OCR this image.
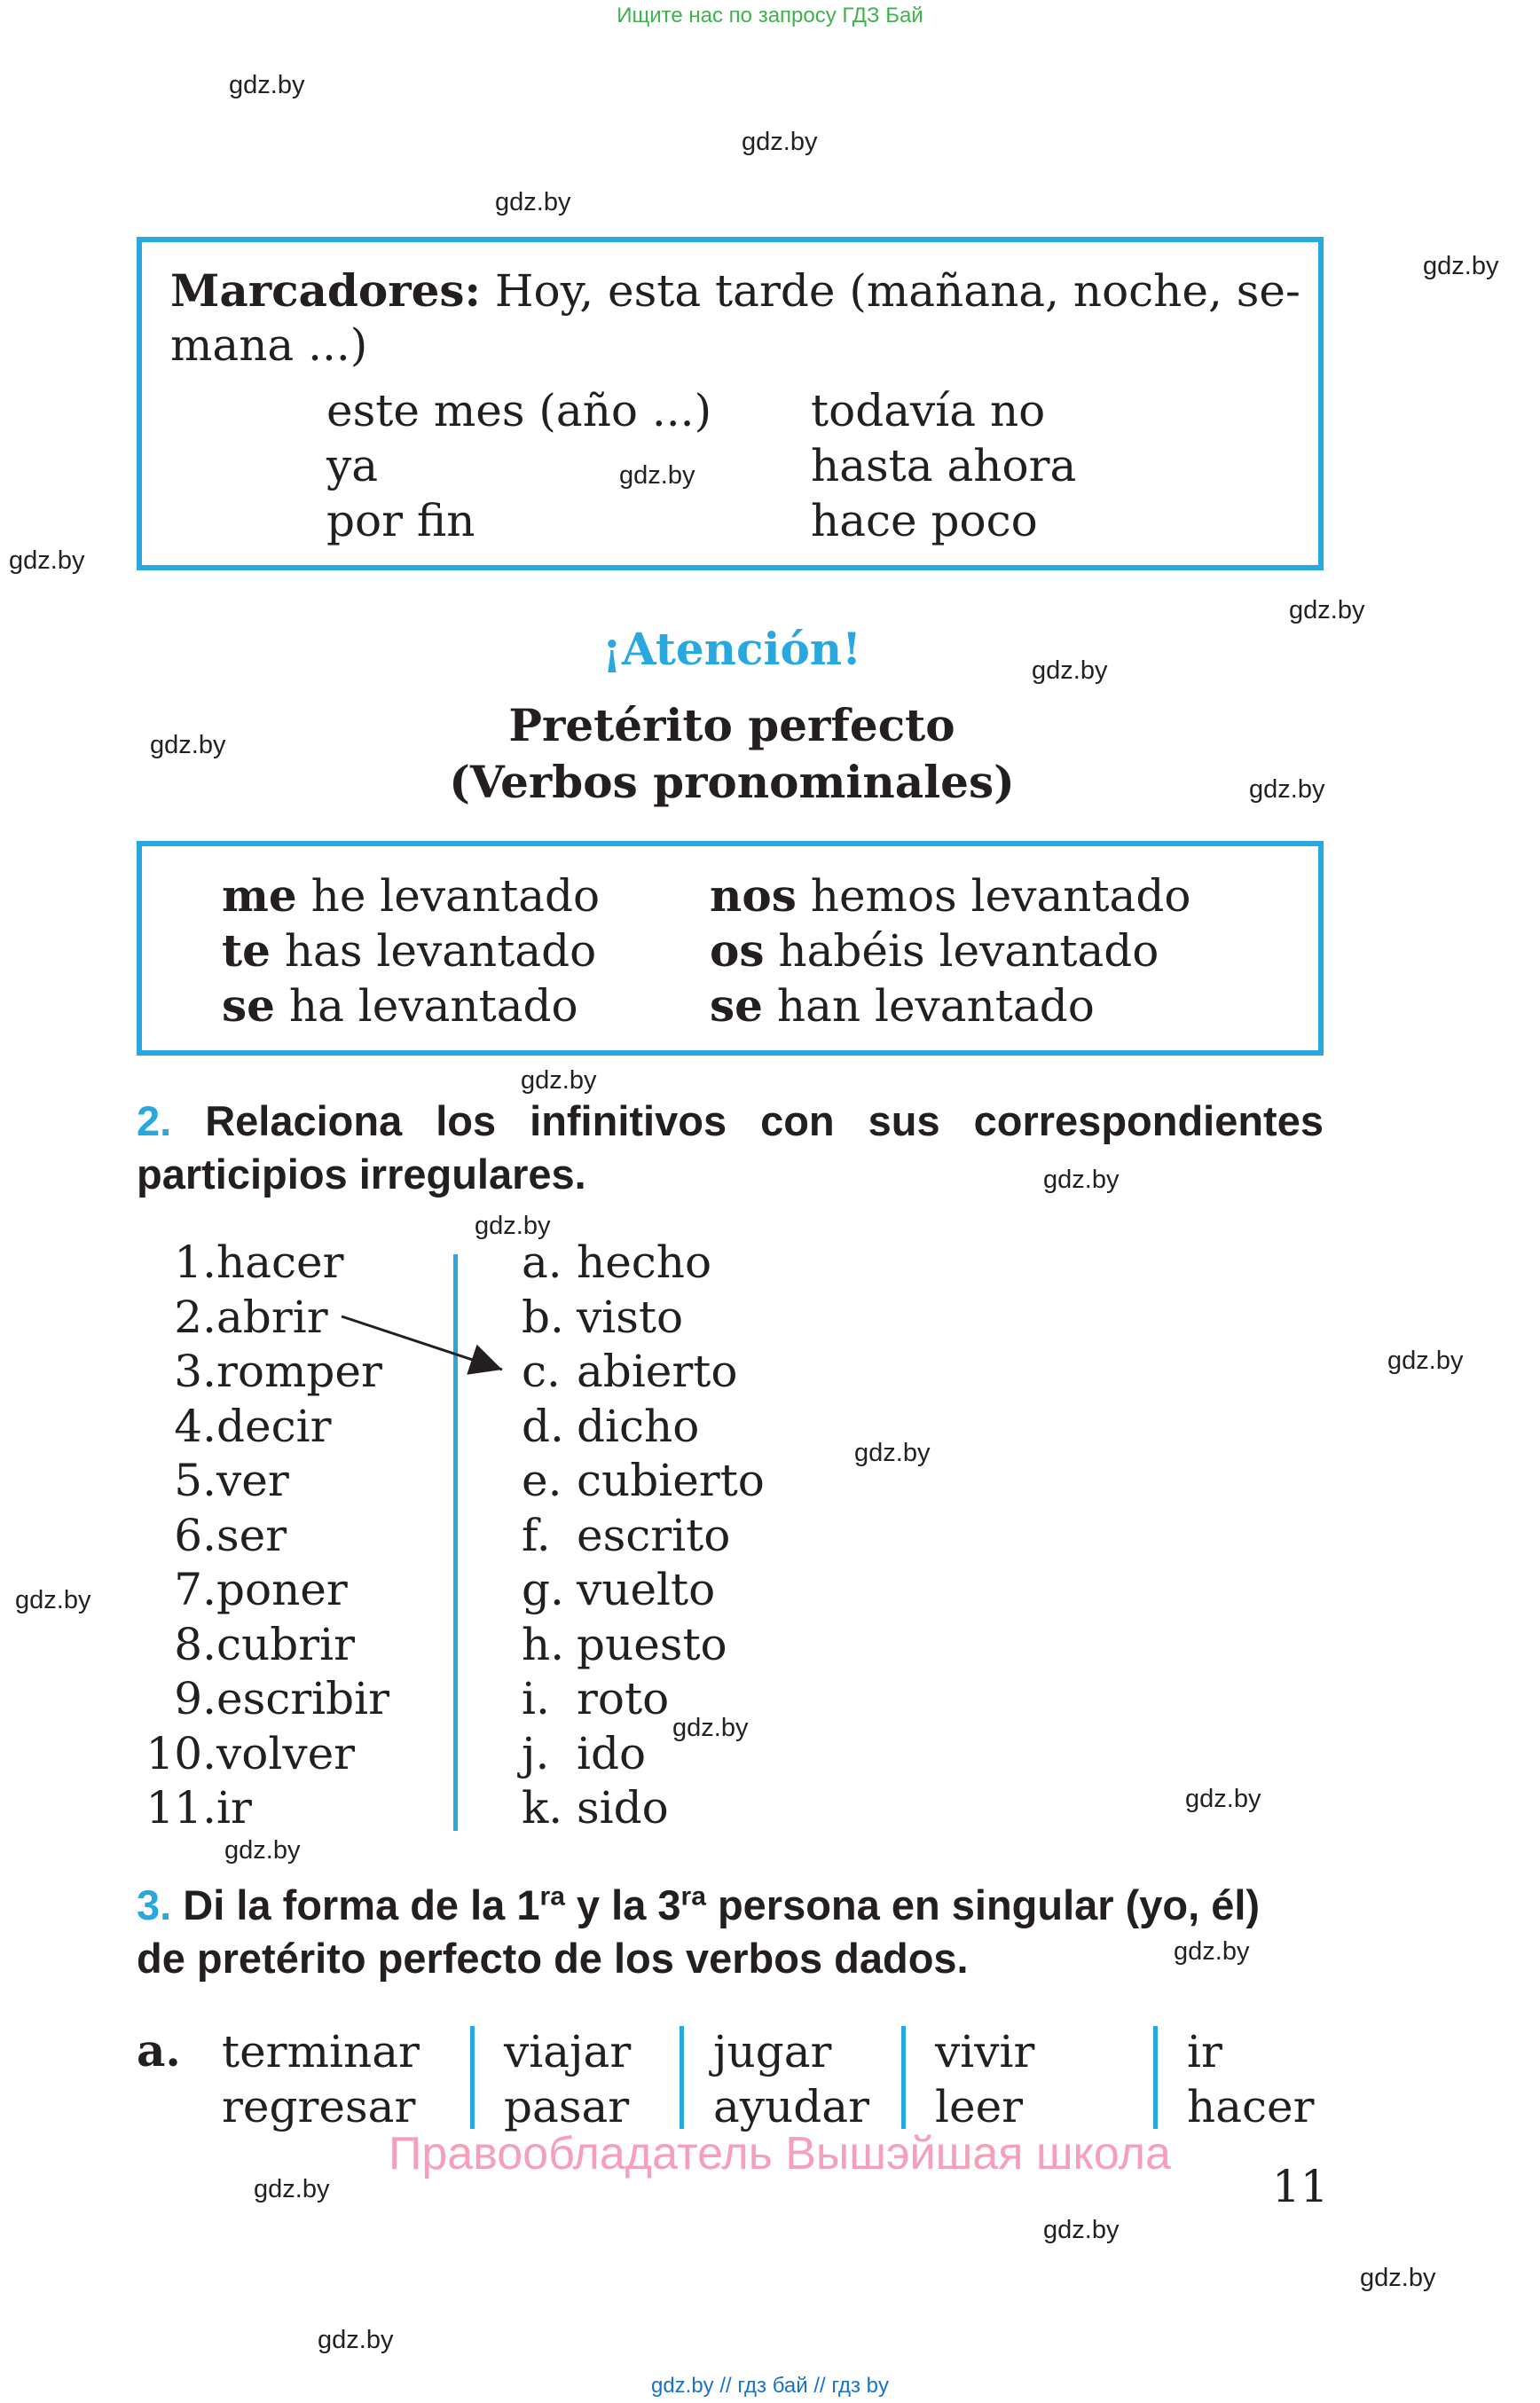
Ищите нас по запросу ГДЗ Бай
gdz.by
gdz.by
gdz.by
gdz.by
gdz.by
gdz.by
gdz.by
gdz.by
gdz.by
gdz.by
gdz.by
gdz.by
gdz.by
gdz.by
gdz.by
gdz.by
gdz.by
gdz.by
gdz.by
gdz.by
gdz.by
gdz.by
gdz.by
gdz.by
Marcadores: Hoy, esta tarde (mañana, noche, se-
mana ...)
este mes (año ...)
ya
por fin
todavía no
hasta ahora
hace poco
¡Atención!
Pretérito perfecto
(Verbos pronominales)
me he levantado
te has levantado
se ha levantado
nos hemos levantado
os habéis levantado
se han levantado
2. Relaciona los infinitivos con sus correspondientes
participios irregulares.
1.hacer
2.abrir
3.romper
4.decir
5.ver
6.ser
7.poner
8.cubrir
9.escribir
10.volver
11.ir
a. hecho
b. visto
c. abierto
d. dicho
e. cubierto
f. escrito
g. vuelto
h. puesto
i. roto
j. ido
k. sido
3. Di la forma de la $1^{ra}$ y la $3^{ra}$ persona en singular (yo, él)
de pretérito perfecto de los verbos dados.
a. terminar
regresar
viajar
pasar
jugar
ayudar
vivir
leer
ir
hacer
Правообладатель Вышэйшая школа
11
gdz.by // гдз бай // гдз by
